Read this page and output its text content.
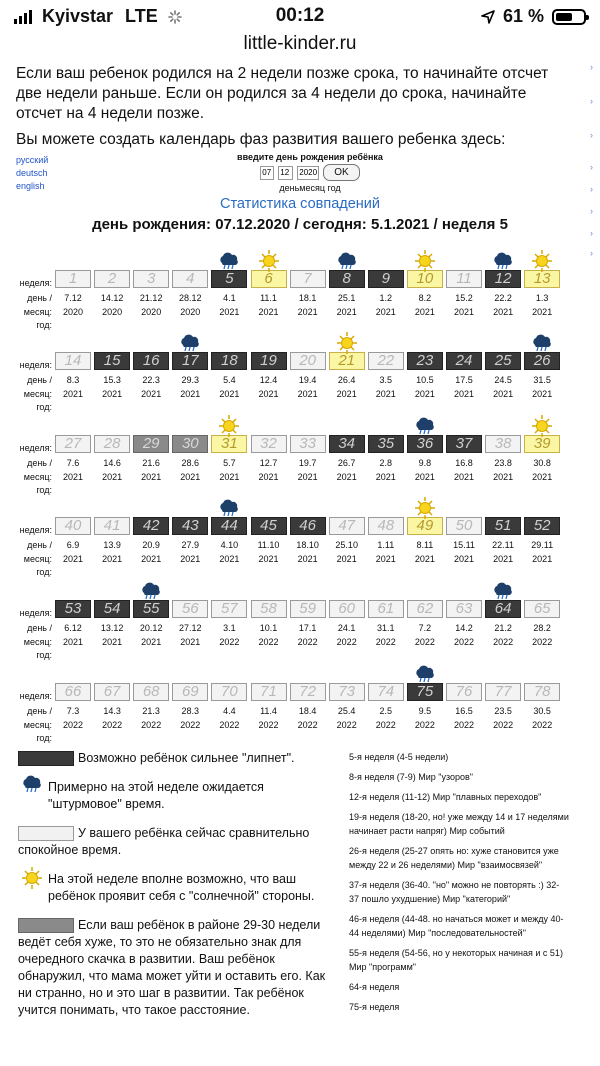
Kyivstar LTE	00:12	61 %
little-kinder.ru

Если ваш ребенок родился на 2 недели позже срока, то начинайте отсчет две недели раньше. Если он родился за 4 недели до срока, начинайте отсчет на 4 недели позже.

Вы можете создать календарь фаз развития вашего ребенка здесь:

›
›
›
›
›
›
›
›
русский
deutsch
english
введите день рождения ребёнка
07
12
2020
OK
деньмесяц год
Статистика совпадений
день рождения: 07.12.2020 / сегодня: 5.1.2021 / неделя 5
неделя:
день /
месяц:
год:
1
7.12
2020
2
14.12
2020
3
21.12
2020
4
28.12
2020
5
4.1
2021
6
11.1
2021
7
18.1
2021
8
25.1
2021
9
1.2
2021
10
8.2
2021
11
15.2
2021
12
22.2
2021
13
1.3
2021
неделя:
день /
месяц:
год:
14
8.3
2021
15
15.3
2021
16
22.3
2021
17
29.3
2021
18
5.4
2021
19
12.4
2021
20
19.4
2021
21
26.4
2021
22
3.5
2021
23
10.5
2021
24
17.5
2021
25
24.5
2021
26
31.5
2021
неделя:
день /
месяц:
год:
27
7.6
2021
28
14.6
2021
29
21.6
2021
30
28.6
2021
31
5.7
2021
32
12.7
2021
33
19.7
2021
34
26.7
2021
35
2.8
2021
36
9.8
2021
37
16.8
2021
38
23.8
2021
39
30.8
2021
неделя:
день /
месяц:
год:
40
6.9
2021
41
13.9
2021
42
20.9
2021
43
27.9
2021
44
4.10
2021
45
11.10
2021
46
18.10
2021
47
25.10
2021
48
1.11
2021
49
8.11
2021
50
15.11
2021
51
22.11
2021
52
29.11
2021
неделя:
день /
месяц:
год:
53
6.12
2021
54
13.12
2021
55
20.12
2021
56
27.12
2021
57
3.1
2022
58
10.1
2022
59
17.1
2022
60
24.1
2022
61
31.1
2022
62
7.2
2022
63
14.2
2022
64
21.2
2022
65
28.2
2022
неделя:
день /
месяц:
год:
66
7.3
2022
67
14.3
2022
68
21.3
2022
69
28.3
2022
70
4.4
2022
71
11.4
2022
72
18.4
2022
73
25.4
2022
74
2.5
2022
75
9.5
2022
76
16.5
2022
77
23.5
2022
78
30.5
2022
Возможно ребёнок сильнее "липнет".
Примерно на этой неделе ожидается "штурмовое" время.
У вашего ребёнка сейчас сравнительно спокойное время.
На этой неделе вполне возможно, что ваш ребёнок проявит себя с "солнечной" стороны.
Если ваш ребёнок в районе 29-30 недели ведёт себя хуже, то это не обязательно знак для очередного скачка в развитии. Ваш ребёнок обнаружил, что мама может уйти и оставить его. Как ни странно, но и это шаг в развитии. Так ребёнок учится понимать, что такое расстояние.
5-я неделя (4-5 недели)
8-я неделя (7-9) Мир "узоров"
12-я неделя (11-12) Мир "плавных переходов"
19-я неделя (18-20, но! уже между 14 и 17 неделями начинает расти напряг) Мир событий
26-я неделя (25-27 опять но: хуже становится уже между 22 и 26 неделями) Мир "взаимосвязей"
37-я неделя (36-40. "но" можно не повторять :) 32-37 пошло ухудшение) Мир "категорий"
46-я неделя (44-48. но начаться может и между 40-44 неделями) Мир "последовательностей"
55-я неделя (54-56, но у некоторых начиная и с 51) Мир "программ"
64-я неделя
75-я неделя
